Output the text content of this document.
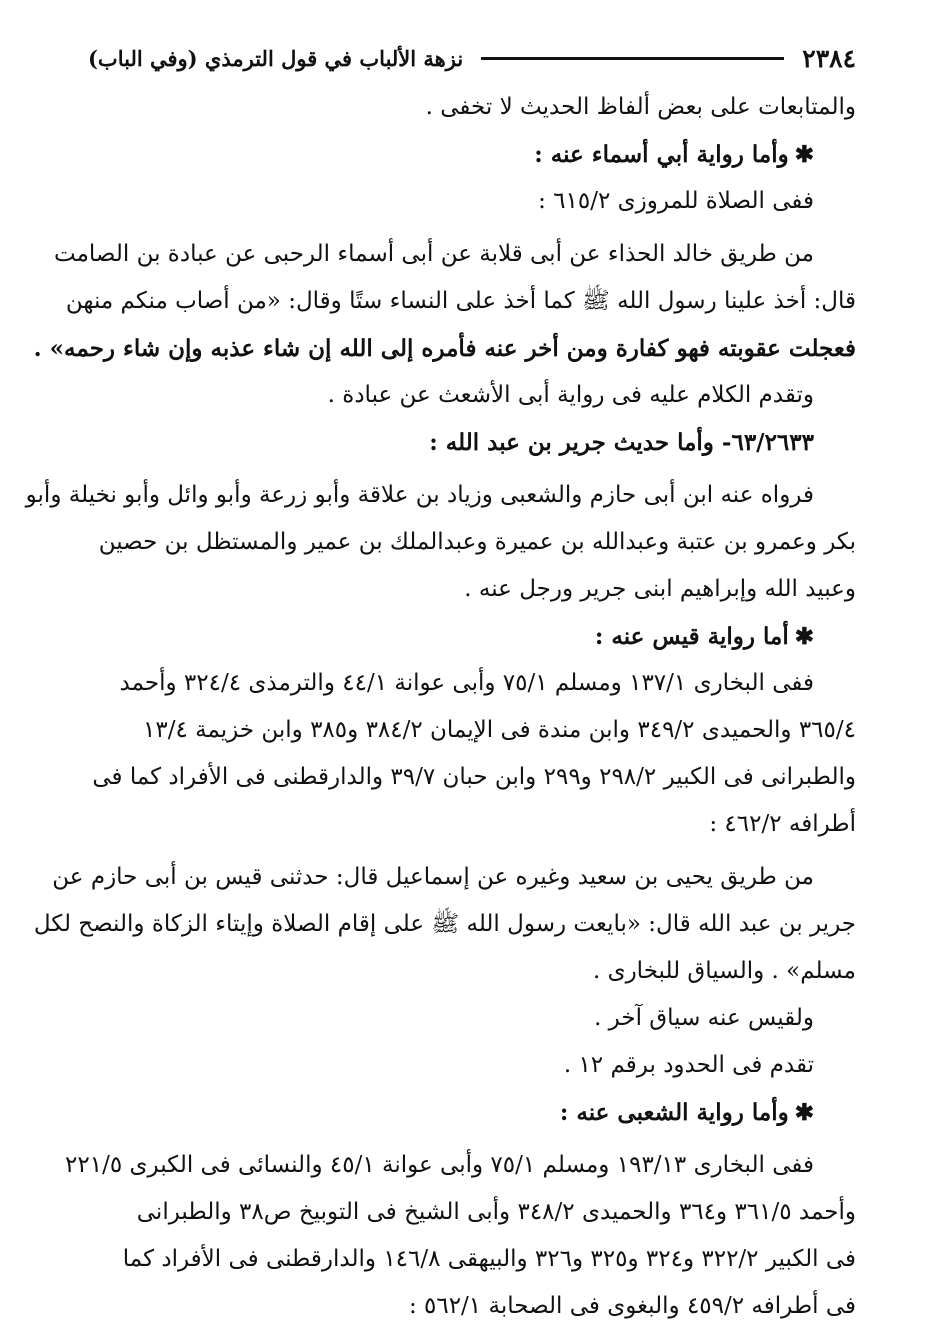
٢٣٨٤
نزهة الألباب في قول الترمذي (وفي الباب)
والمتابعات على بعض ألفاظ الحديث لا تخفى .
✱وأما رواية أبي أسماء عنه :
ففى الصلاة للمروزى ٦١٥/٢ :
من طريق خالد الحذاء عن أبى قلابة عن أبى أسماء الرحبى عن عبادة بن الصامت
قال: أخذ علينا رسول الله ﷺ كما أخذ على النساء ستًا وقال: «من أصاب منكم منهن
فعجلت عقوبته فهو كفارة ومن أخر عنه فأمره إلى الله إن شاء عذبه وإن شاء رحمه» .
وتقدم الكلام عليه فى رواية أبى الأشعث عن عبادة .
٦٣/٢٦٣٣- وأما حديث جرير بن عبد الله :
فرواه عنه ابن أبى حازم والشعبى وزياد بن علاقة وأبو زرعة وأبو وائل وأبو نخيلة وأبو
بكر وعمرو بن عتبة وعبدالله بن عميرة وعبدالملك بن عمير والمستظل بن حصين
وعبيد الله وإبراهيم ابنى جرير ورجل عنه .
✱أما رواية قيس عنه :
ففى البخارى ١٣٧/١ ومسلم ٧٥/١ وأبى عوانة ٤٤/١ والترمذى ٣٢٤/٤ وأحمد
٣٦٥/٤ والحميدى ٣٤٩/٢ وابن مندة فى الإيمان ٣٨٤/٢ و٣٨٥ وابن خزيمة ١٣/٤
والطبرانى فى الكبير ٢٩٨/٢ و٢٩٩ وابن حبان ٣٩/٧ والدارقطنى فى الأفراد كما فى
أطرافه ٤٦٢/٢ :
من طريق يحيى بن سعيد وغيره عن إسماعيل قال: حدثنى قيس بن أبى حازم عن
جرير بن عبد الله قال: «بايعت رسول الله ﷺ على إقام الصلاة وإيتاء الزكاة والنصح لكل
مسلم» . والسياق للبخارى .
ولقيس عنه سياق آخر .
تقدم فى الحدود برقم ١٢ .
✱وأما رواية الشعبى عنه :
ففى البخارى ١٩٣/١٣ ومسلم ٧٥/١ وأبى عوانة ٤٥/١ والنسائى فى الكبرى ٢٢١/٥
وأحمد ٣٦١/٥ و٣٦٤ والحميدى ٣٤٨/٢ وأبى الشيخ فى التوبيخ ص٣٨ والطبرانى
فى الكبير ٣٢٢/٢ و٣٢٤ و٣٢٥ و٣٢٦ والبيهقى ١٤٦/٨ والدارقطنى فى الأفراد كما
فى أطرافه ٤٥٩/٢ والبغوى فى الصحابة ٥٦٢/١ :
